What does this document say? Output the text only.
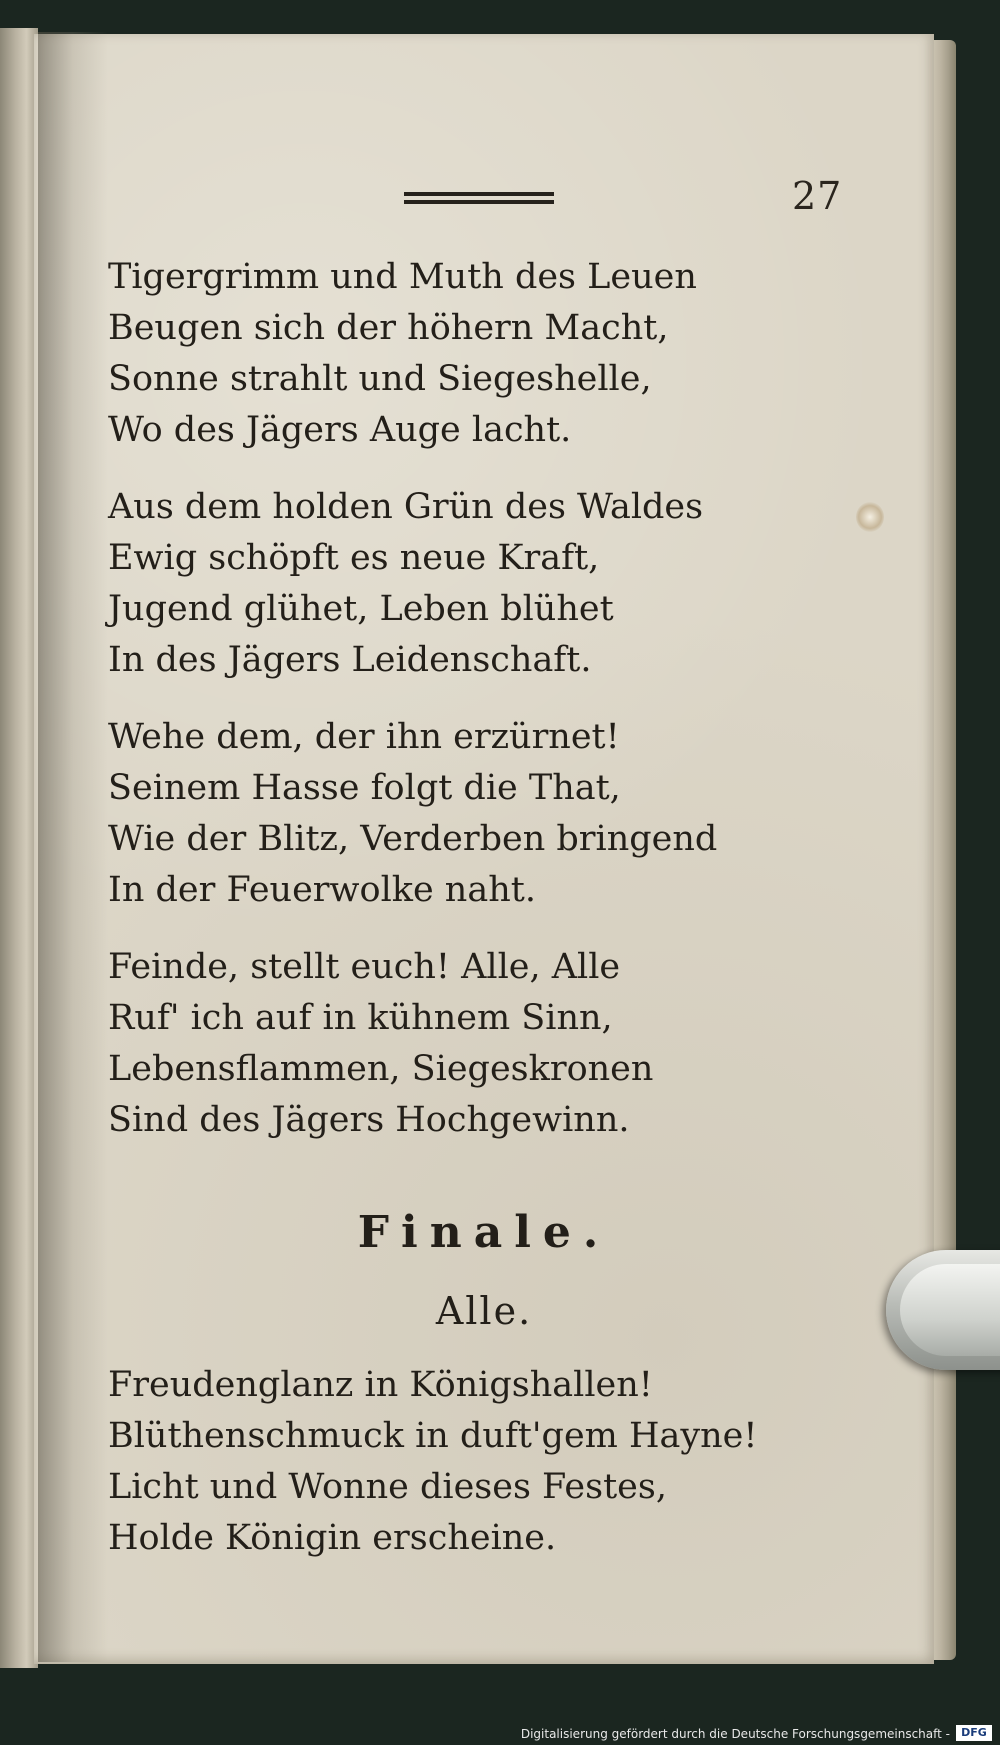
27
Tigergrimm und Muth des Leuen
Beugen sich der höhern Macht,
Sonne strahlt und Siegeshelle,
Wo des Jägers Auge lacht.
Aus dem holden Grün des Waldes
Ewig schöpft es neue Kraft,
Jugend glühet, Leben blühet
In des Jägers Leidenschaft.
Wehe dem, der ihn erzürnet!
Seinem Hasse folgt die That,
Wie der Blitz, Verderben bringend
In der Feuerwolke naht.
Feinde, stellt euch! Alle, Alle
Ruf' ich auf in kühnem Sinn,
Lebensflammen, Siegeskronen
Sind des Jägers Hochgewinn.
Finale.
Alle.
Freudenglanz in Königshallen!
Blüthenschmuck in duft'gem Hayne!
Licht und Wonne dieses Festes,
Holde Königin erscheine.
Digitalisierung gefördert durch die Deutsche Forschungsgemeinschaft -	DFG
